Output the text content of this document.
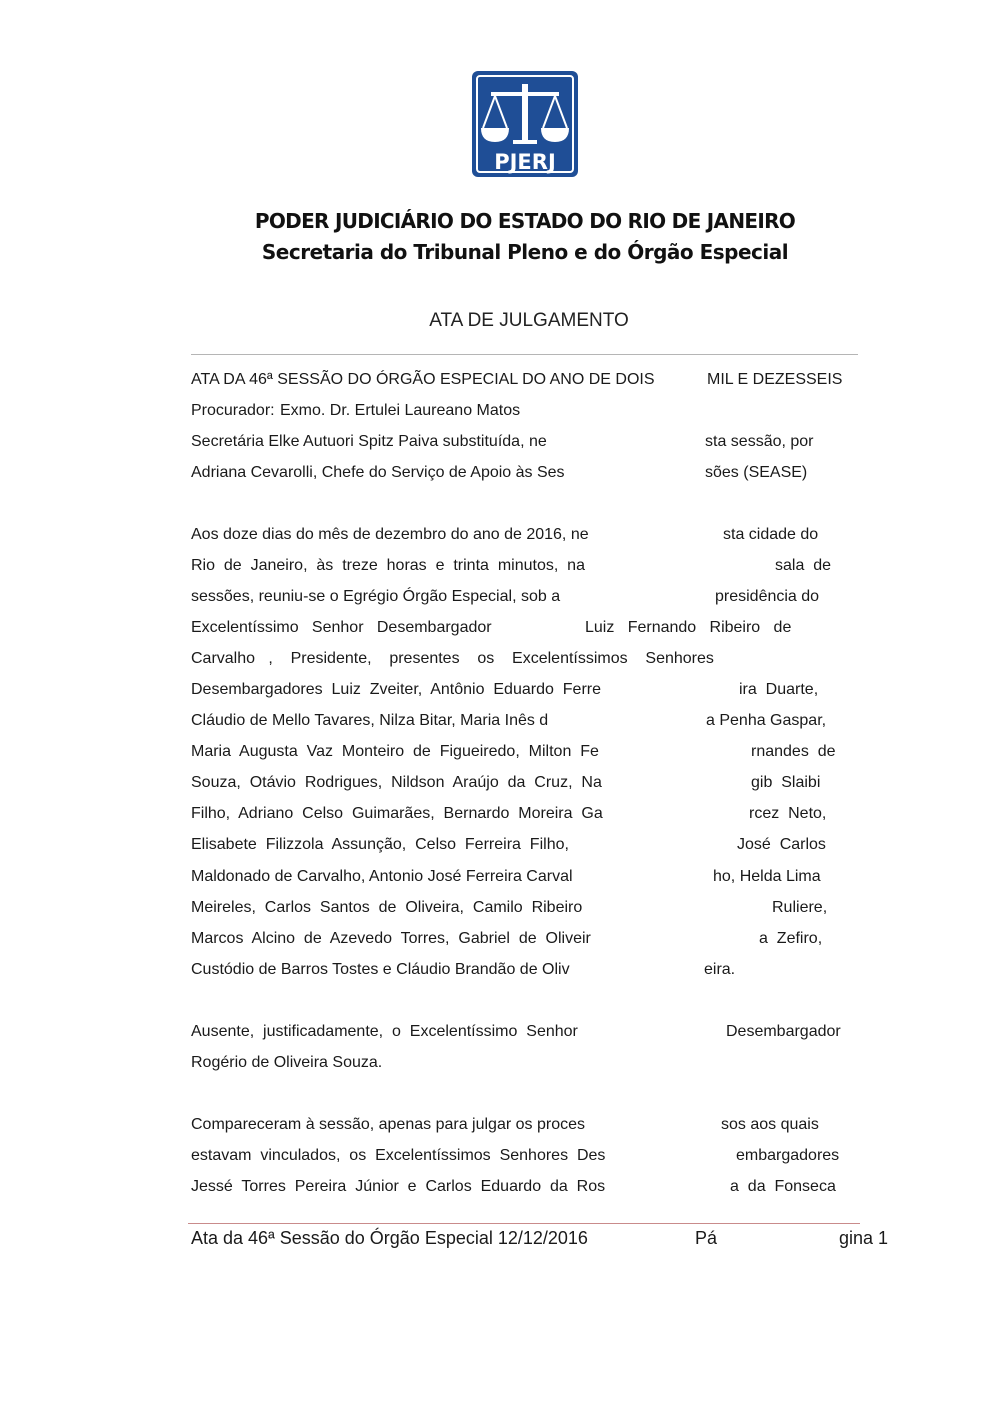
PJERJ
PODER JUDICIÁRIO DO ESTADO DO RIO DE JANEIRO
Secretaria do Tribunal Pleno e do Órgão Especial
ATA DE JULGAMENTO
ATA DA 46ª SESSÃO DO ÓRGÃO ESPECIAL DO ANO DE DOIS	MIL E DEZESSEIS
Procurador: Exmo. Dr. Ertulei Laureano Matos
Secretária Elke Autuori Spitz Paiva substituída, ne	sta sessão, por
Adriana Cevarolli, Chefe do Serviço de Apoio às Ses	sões (SEASE)
Aos doze dias do mês de dezembro do ano de 2016, ne	sta cidade do
Rio  de  Janeiro,  às  treze  horas  e  trinta  minutos,  na	sala  de
sessões, reuniu-se o Egrégio Órgão Especial, sob a	presidência do
Excelentíssimo   Senhor   Desembargador	Luiz   Fernando   Ribeiro   de
Carvalho   ,    Presidente,    presentes    os    Excelentíssimos    Senhores
Desembargadores  Luiz  Zveiter,  Antônio  Eduardo  Ferre	ira  Duarte,
Cláudio de Mello Tavares, Nilza Bitar, Maria Inês d	a Penha Gaspar,
Maria  Augusta  Vaz  Monteiro  de  Figueiredo,  Milton  Fe	rnandes  de
Souza,  Otávio  Rodrigues,  Nildson  Araújo  da  Cruz,  Na	gib  Slaibi
Filho,  Adriano  Celso  Guimarães,  Bernardo  Moreira  Ga	rcez  Neto,
Elisabete  Filizzola  Assunção,  Celso  Ferreira  Filho,	José  Carlos
Maldonado de Carvalho, Antonio José Ferreira Carval	ho, Helda Lima
Meireles,  Carlos  Santos  de  Oliveira,  Camilo  Ribeiro	Ruliere,
Marcos  Alcino  de  Azevedo  Torres,  Gabriel  de  Oliveir	a  Zefiro,
Custódio de Barros Tostes e Cláudio Brandão de Oliv	eira.
Ausente,  justificadamente,  o  Excelentíssimo  Senhor	Desembargador
Rogério de Oliveira Souza.
Compareceram à sessão, apenas para julgar os proces	sos aos quais
estavam  vinculados,  os  Excelentíssimos  Senhores  Des	embargadores
Jessé  Torres  Pereira  Júnior  e  Carlos  Eduardo  da  Ros	a  da  Fonseca
Ata da 46ª Sessão do Órgão Especial 12/12/2016	Pá	gina 1
